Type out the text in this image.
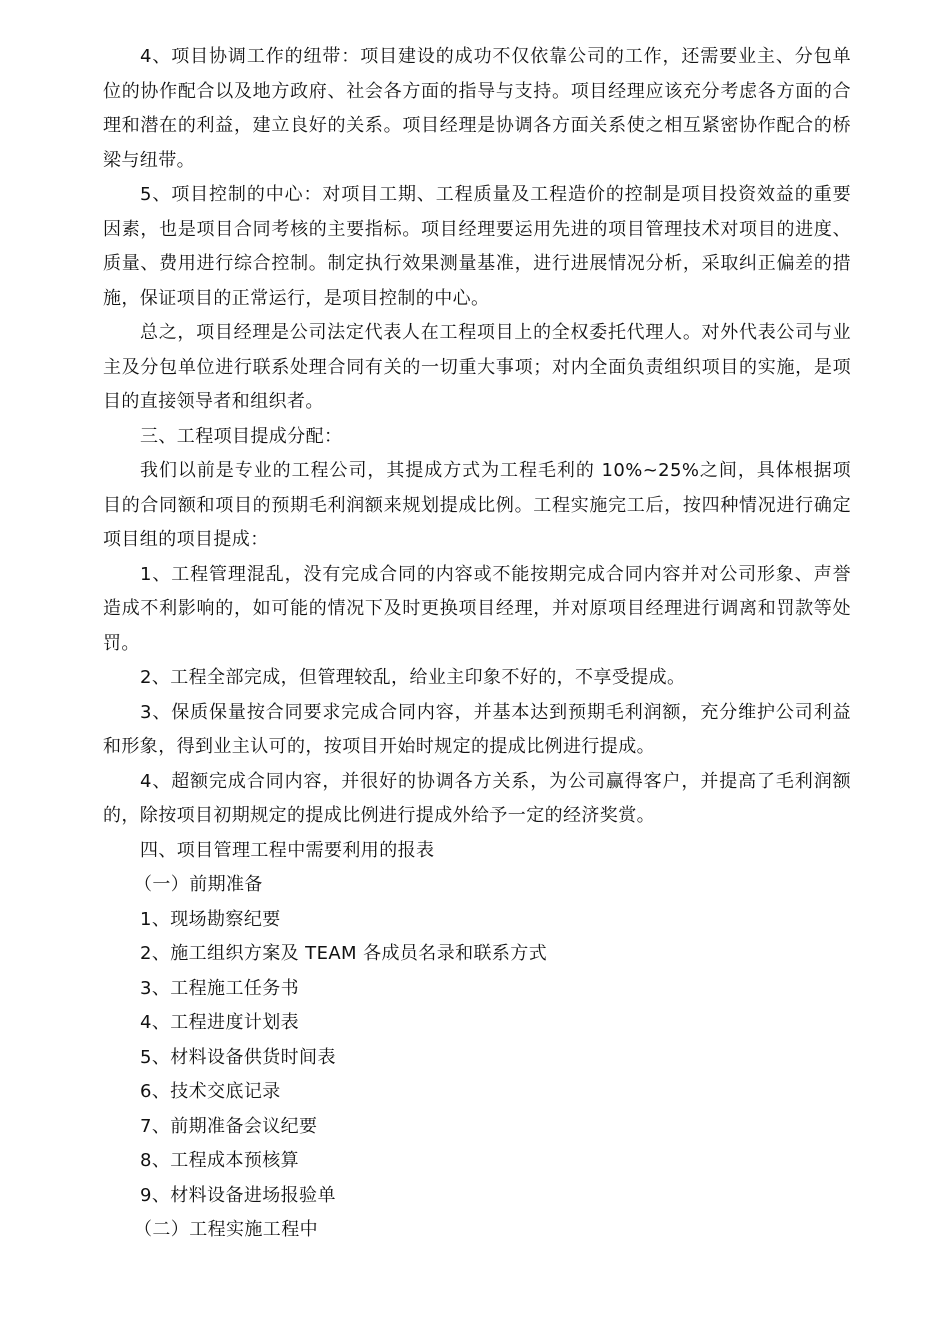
4、项目协调工作的纽带：项目建设的成功不仅依靠公司的工作，还需要业主、分包单位的协作配合以及地方政府、社会各方面的指导与支持。项目经理应该充分考虑各方面的合理和潜在的利益，建立良好的关系。项目经理是协调各方面关系使之相互紧密协作配合的桥梁与纽带。

5、项目控制的中心：对项目工期、工程质量及工程造价的控制是项目投资效益的重要因素，也是项目合同考核的主要指标。项目经理要运用先进的项目管理技术对项目的进度、质量、费用进行综合控制。制定执行效果测量基准，进行进展情况分析，采取纠正偏差的措施，保证项目的正常运行，是项目控制的中心。

总之，项目经理是公司法定代表人在工程项目上的全权委托代理人。对外代表公司与业主及分包单位进行联系处理合同有关的一切重大事项；对内全面负责组织项目的实施，是项目的直接领导者和组织者。

三、工程项目提成分配：

我们以前是专业的工程公司，其提成方式为工程毛利的 10%~25%之间，具体根据项目的合同额和项目的预期毛利润额来规划提成比例。工程实施完工后，按四种情况进行确定项目组的项目提成：

1、工程管理混乱，没有完成合同的内容或不能按期完成合同内容并对公司形象、声誉造成不利影响的，如可能的情况下及时更换项目经理，并对原项目经理进行调离和罚款等处罚。

2、工程全部完成，但管理较乱，给业主印象不好的，不享受提成。

3、保质保量按合同要求完成合同内容，并基本达到预期毛利润额，充分维护公司利益和形象，得到业主认可的，按项目开始时规定的提成比例进行提成。

4、超额完成合同内容，并很好的协调各方关系，为公司赢得客户，并提高了毛利润额的，除按项目初期规定的提成比例进行提成外给予一定的经济奖赏。

四、项目管理工程中需要利用的报表

（一）前期准备

1、现场勘察纪要

2、施工组织方案及 TEAM 各成员名录和联系方式

3、工程施工任务书

4、工程进度计划表

5、材料设备供货时间表

6、技术交底记录

7、前期准备会议纪要

8、工程成本预核算

9、材料设备进场报验单

（二）工程实施工程中
